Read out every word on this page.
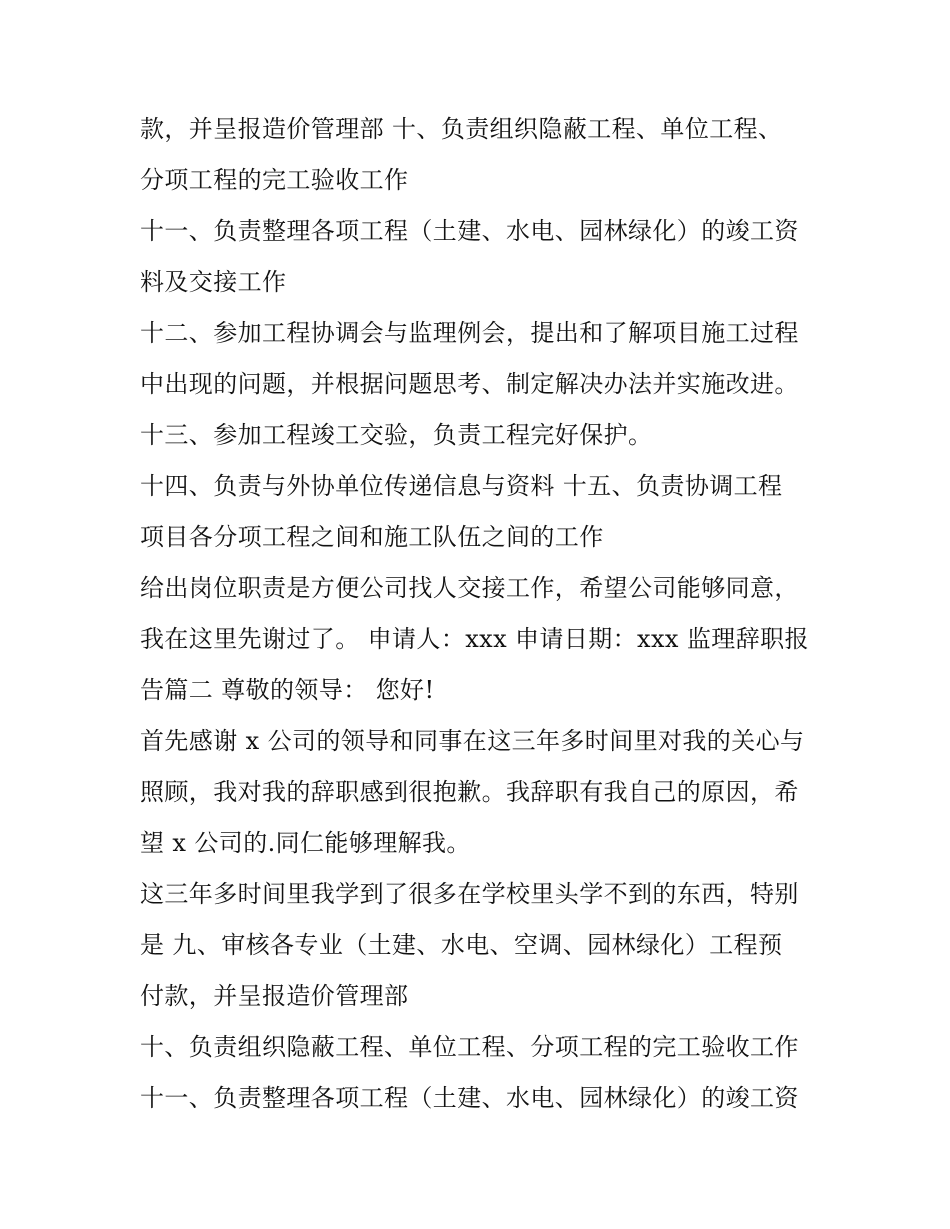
款，并呈报造价管理部 十、负责组织隐蔽工程、单位工程、
分项工程的完工验收工作
十一、负责整理各项工程（土建、水电、园林绿化）的竣工资
料及交接工作
十二、参加工程协调会与监理例会，提出和了解项目施工过程
中出现的问题，并根据问题思考、制定解决办法并实施改进。
十三、参加工程竣工交验，负责工程完好保护。
十四、负责与外协单位传递信息与资料 十五、负责协调工程
项目各分项工程之间和施工队伍之间的工作
给出岗位职责是方便公司找人交接工作，希望公司能够同意，
我在这里先谢过了。 申请人：xxx 申请日期：xxx 监理辞职报
告篇二 尊敬的领导： 您好!
首先感谢 x 公司的领导和同事在这三年多时间里对我的关心与
照顾，我对我的辞职感到很抱歉。我辞职有我自己的原因，希
望 x 公司的.同仁能够理解我。
这三年多时间里我学到了很多在学校里头学不到的东西，特别
是 九、审核各专业（土建、水电、空调、园林绿化）工程预
付款，并呈报造价管理部
十、负责组织隐蔽工程、单位工程、分项工程的完工验收工作
十一、负责整理各项工程（土建、水电、园林绿化）的竣工资
